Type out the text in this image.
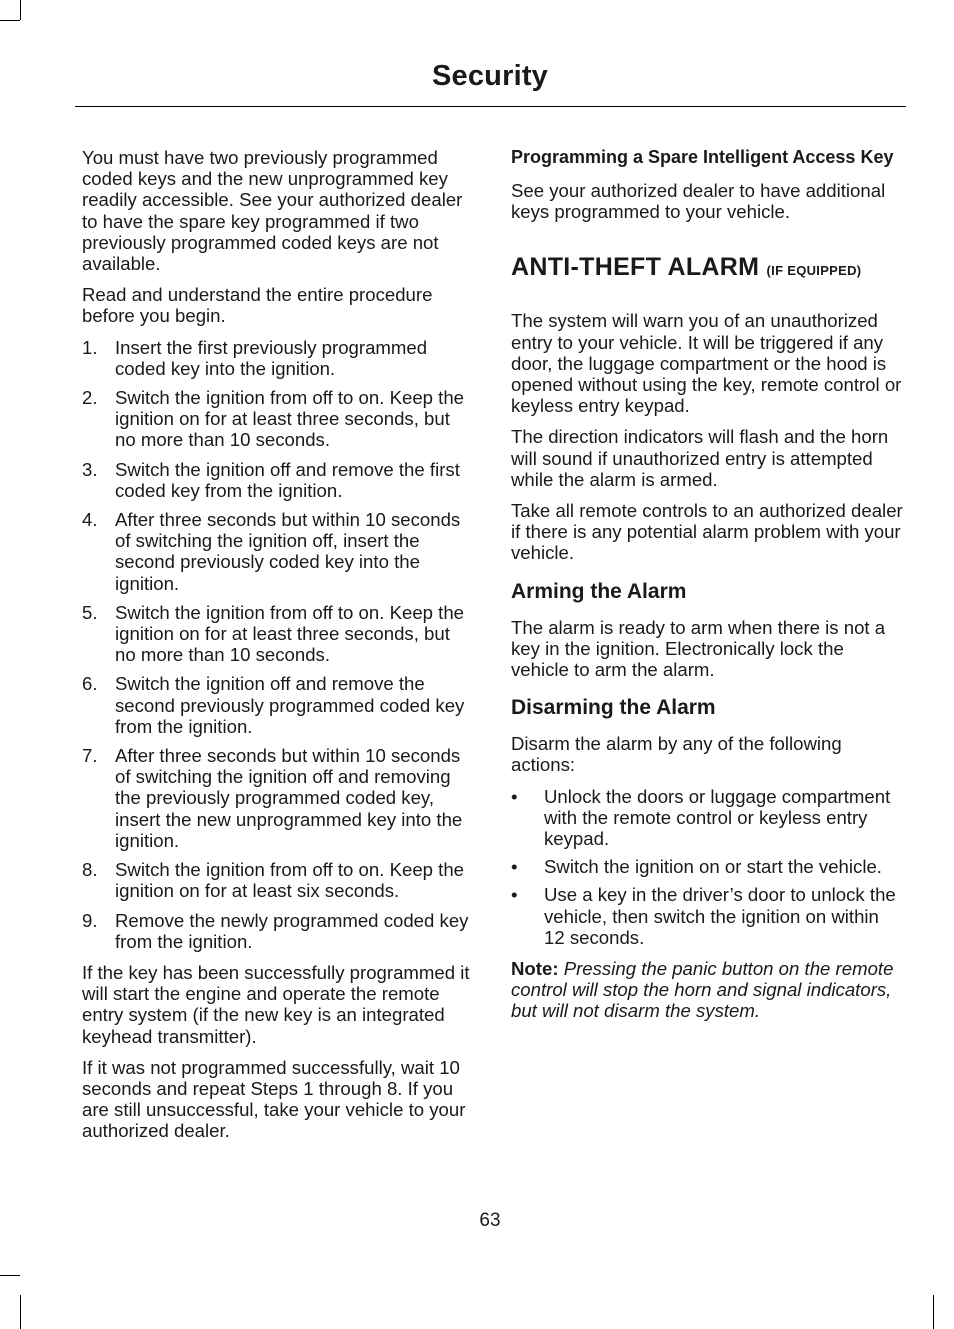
Security

You must have two previously programmed coded keys and the new unprogrammed key readily accessible. See your authorized dealer to have the spare key programmed if two previously programmed coded keys are not available.

Read and understand the entire procedure before you begin.

1. Insert the first previously programmed coded key into the ignition.
2. Switch the ignition from off to on. Keep the ignition on for at least three seconds, but no more than 10 seconds.
3. Switch the ignition off and remove the first coded key from the ignition.
4. After three seconds but within 10 seconds of switching the ignition off, insert the second previously coded key into the ignition.
5. Switch the ignition from off to on. Keep the ignition on for at least three seconds, but no more than 10 seconds.
6. Switch the ignition off and remove the second previously programmed coded key from the ignition.
7. After three seconds but within 10 seconds of switching the ignition off and removing the previously programmed coded key, insert the new unprogrammed key into the ignition.
8. Switch the ignition from off to on. Keep the ignition on for at least six seconds.
9. Remove the newly programmed coded key from the ignition.

If the key has been successfully programmed it will start the engine and operate the remote entry system (if the new key is an integrated keyhead transmitter).

If it was not programmed successfully, wait 10 seconds and repeat Steps 1 through 8. If you are still unsuccessful, take your vehicle to your authorized dealer.

Programming a Spare Intelligent Access Key

See your authorized dealer to have additional keys programmed to your vehicle.

ANTI-THEFT ALARM (IF EQUIPPED)

The system will warn you of an unauthorized entry to your vehicle. It will be triggered if any door, the luggage compartment or the hood is opened without using the key, remote control or keyless entry keypad.

The direction indicators will flash and the horn will sound if unauthorized entry is attempted while the alarm is armed.

Take all remote controls to an authorized dealer if there is any potential alarm problem with your vehicle.

Arming the Alarm

The alarm is ready to arm when there is not a key in the ignition. Electronically lock the vehicle to arm the alarm.

Disarming the Alarm

Disarm the alarm by any of the following actions:

• Unlock the doors or luggage compartment with the remote control or keyless entry keypad.
• Switch the ignition on or start the vehicle.
• Use a key in the driver’s door to unlock the vehicle, then switch the ignition on within 12 seconds.

Note: Pressing the panic button on the remote control will stop the horn and signal indicators, but will not disarm the system.

63
